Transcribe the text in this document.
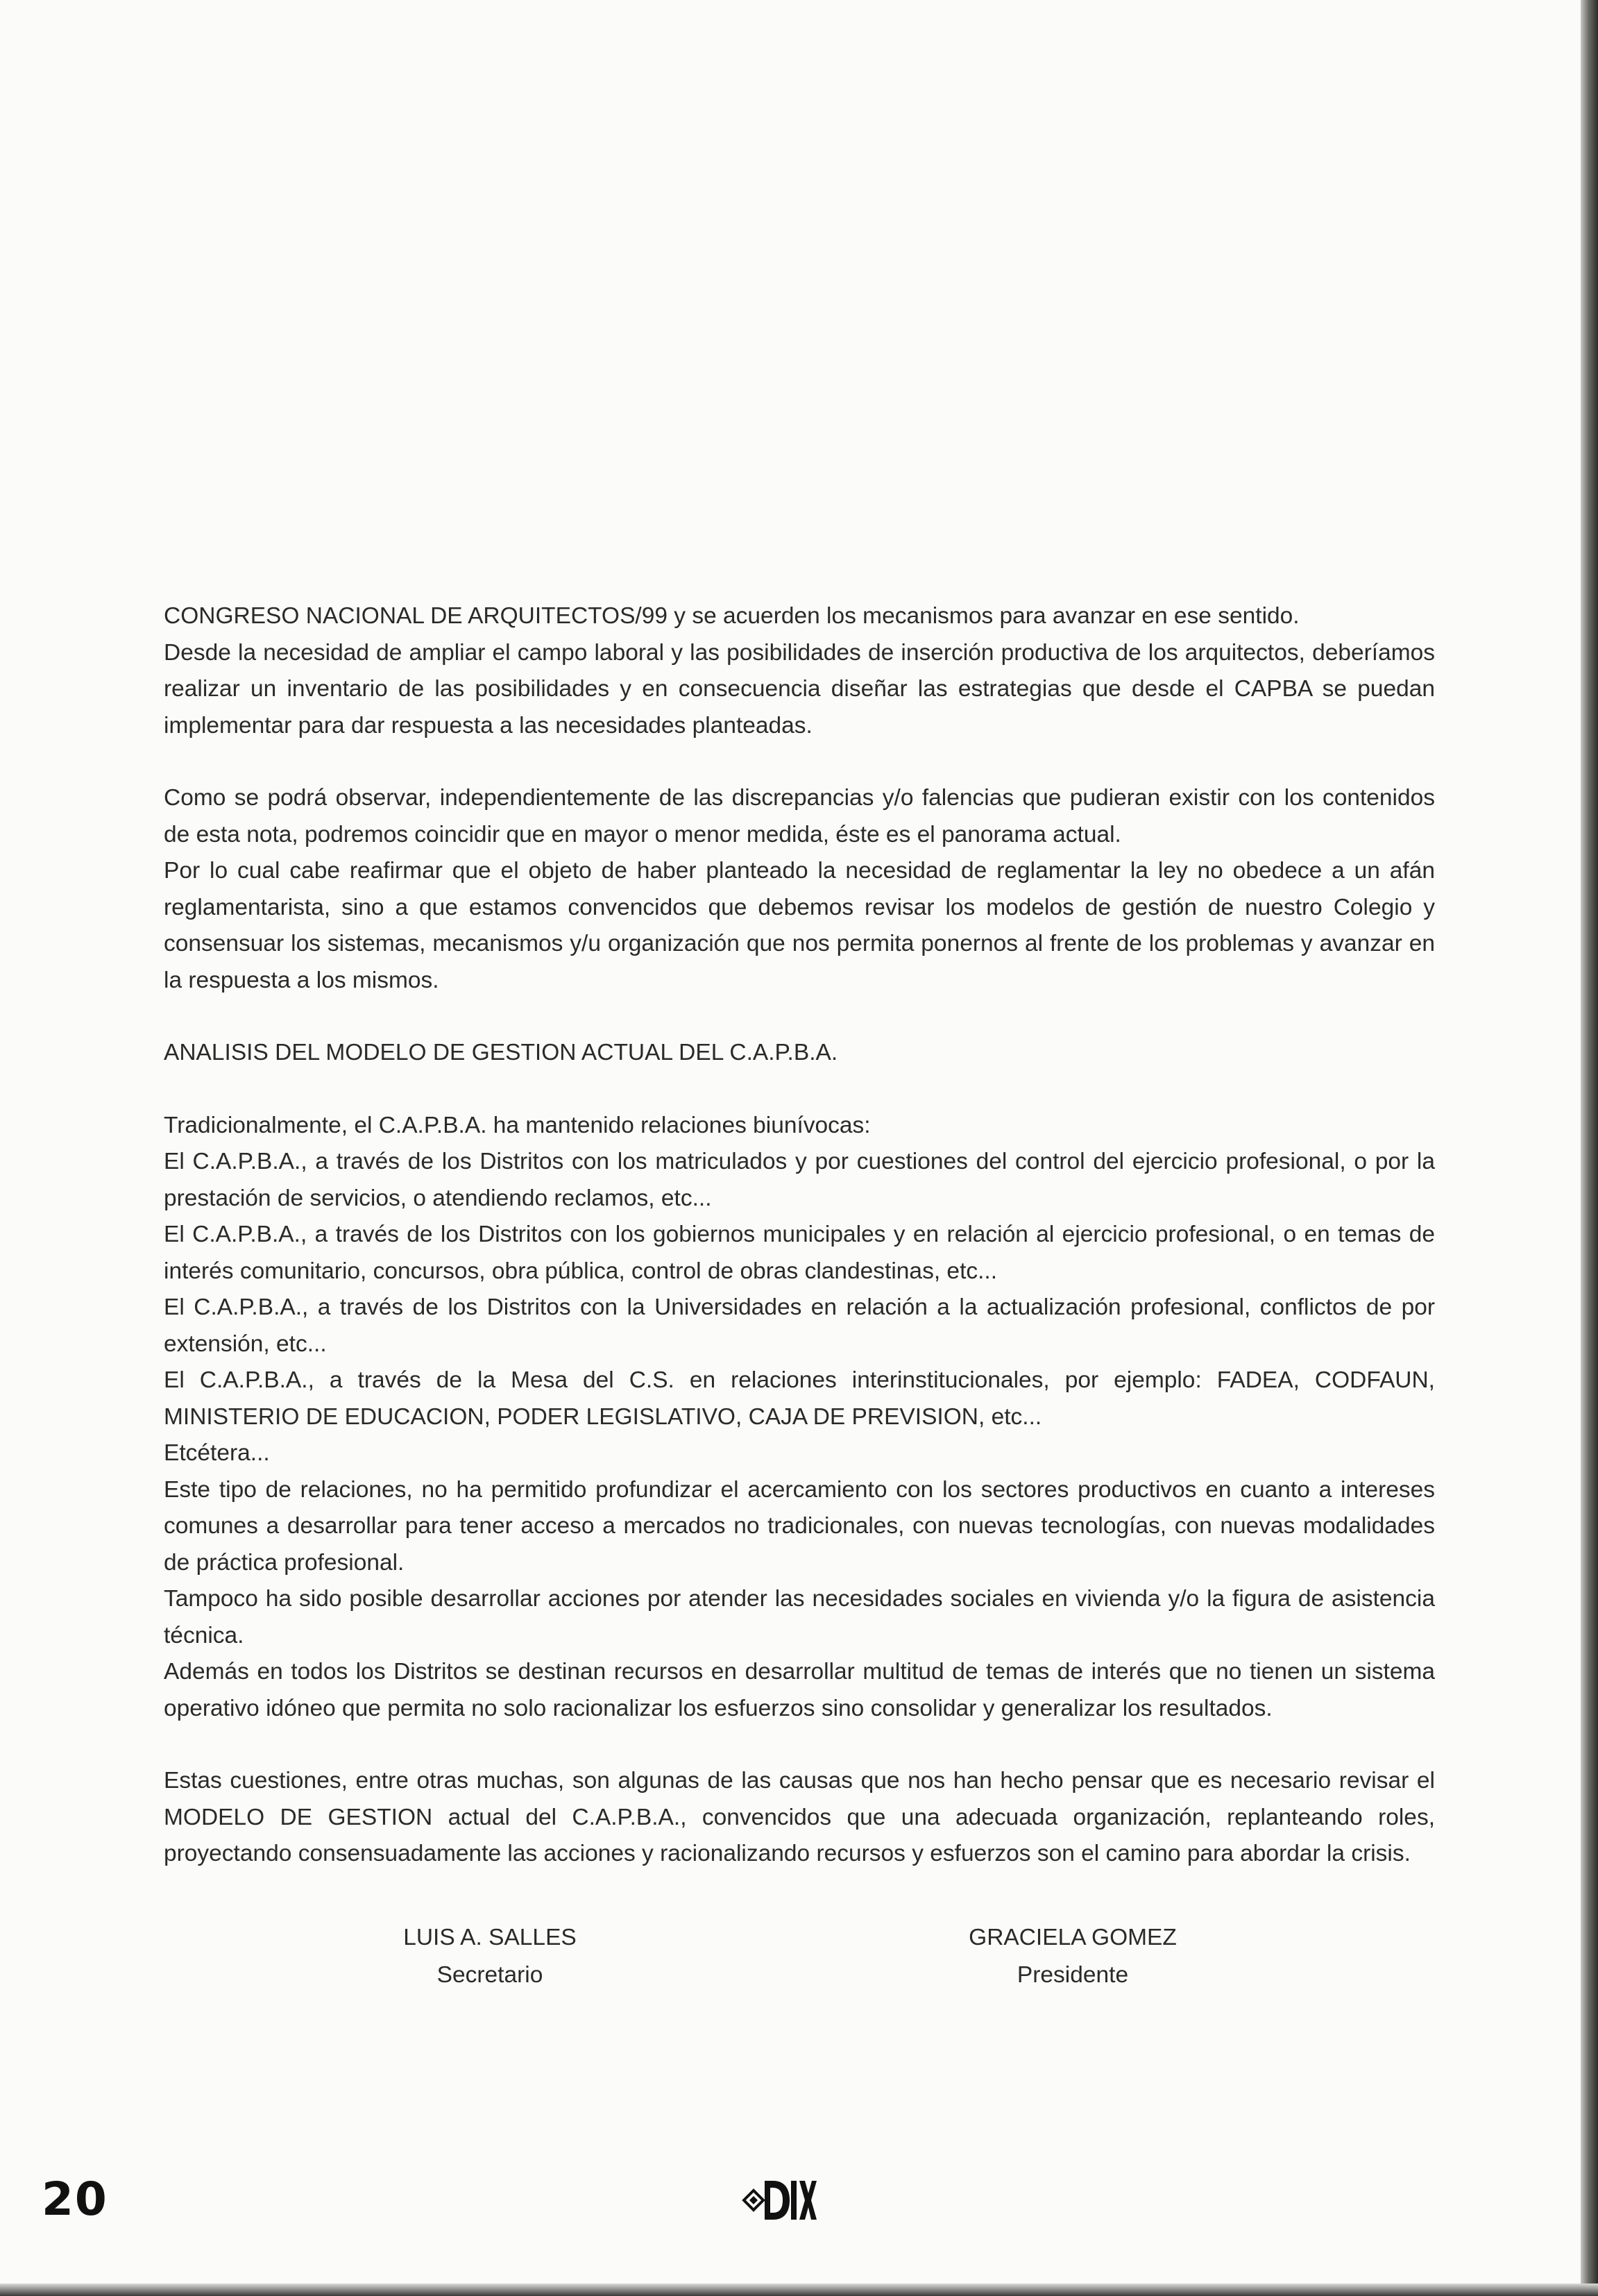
CONGRESO NACIONAL DE ARQUITECTOS/99 y se acuerden los mecanismos para avanzar en ese sentido.

Desde la necesidad de ampliar el campo laboral y las posibilidades de inserción productiva de los arquitectos, deberíamos realizar un inventario de las posibilidades y en consecuencia diseñar las estrategias que desde el CAPBA se puedan implementar para dar respuesta a las necesidades planteadas.

Como se podrá observar, independientemente de las discrepancias y/o falencias que pudieran existir con los contenidos de esta nota, podremos coincidir que en mayor o menor medida, éste es el panorama actual.

Por lo cual cabe reafirmar que el objeto de haber planteado la necesidad de reglamentar la ley no obedece a un afán reglamentarista, sino a que estamos convencidos que debemos revisar los modelos de gestión de nuestro Colegio y consensuar los sistemas, mecanismos y/u organización que nos permita ponernos al frente de los problemas y avanzar en la respuesta a los mismos.

ANALISIS DEL MODELO DE GESTION ACTUAL DEL C.A.P.B.A.

Tradicionalmente, el C.A.P.B.A. ha mantenido relaciones biunívocas:

El C.A.P.B.A., a través de los Distritos con los matriculados y por cuestiones del control del ejercicio profesional, o por la prestación de servicios, o atendiendo reclamos, etc...

El C.A.P.B.A., a través de los Distritos con los gobiernos municipales y en relación al ejercicio profesional, o en temas de interés comunitario, concursos, obra pública, control de obras clandestinas, etc...

El C.A.P.B.A., a través de los Distritos con la Universidades en relación a la actualización profesional, conflictos de por extensión, etc...

El C.A.P.B.A., a través de la Mesa del C.S. en relaciones interinstitucionales, por ejemplo: FADEA, CODFAUN, MINISTERIO DE EDUCACION, PODER LEGISLATIVO, CAJA DE PREVISION, etc...

Etcétera...

Este tipo de relaciones, no ha permitido profundizar el acercamiento con los sectores productivos en cuanto a intereses comunes a desarrollar para tener acceso a mercados no tradicionales, con nuevas tecnologías, con nuevas modalidades de práctica profesional.

Tampoco ha sido posible desarrollar acciones por atender las necesidades sociales en vivienda y/o la figura de asistencia técnica.

Además en todos los Distritos se destinan recursos en desarrollar multitud de temas de interés que no tienen un sistema operativo idóneo que permita no solo racionalizar los esfuerzos sino consolidar y generalizar los resultados.

Estas cuestiones, entre otras muchas, son algunas de las causas que nos han hecho pensar que es necesario revisar el MODELO DE GESTION actual del C.A.P.B.A., convencidos que una adecuada organización, replanteando roles, proyectando consensuadamente las acciones y racionalizando recursos y esfuerzos son el camino para abordar la crisis.

LUIS A. SALLES
Secretario
GRACIELA GOMEZ
Presidente
20
